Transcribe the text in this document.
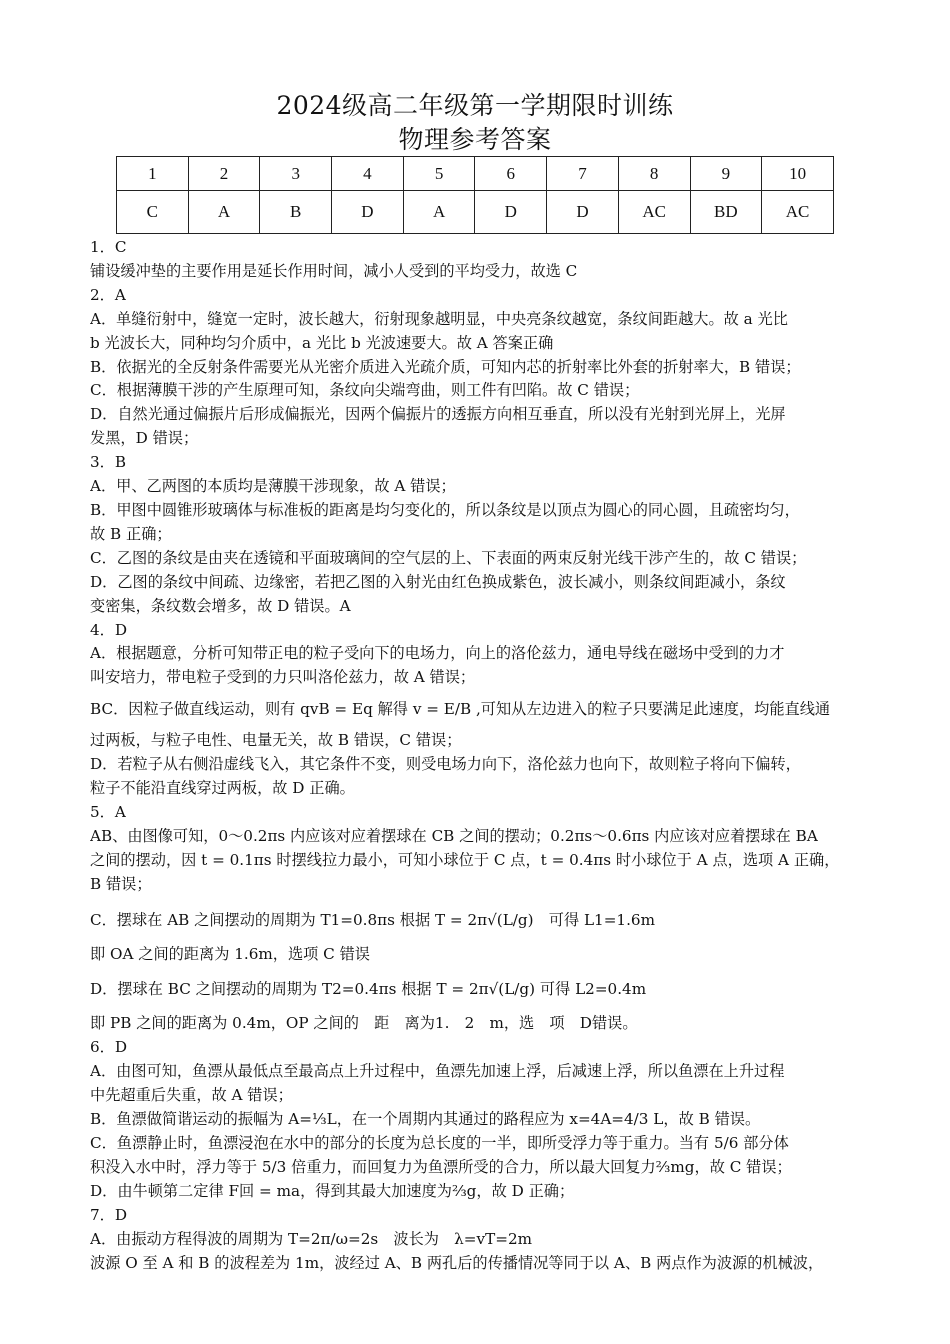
2024级高二年级第一学期限时训练
物理参考答案
1	2	3	4	5	6	7	8	9	10
C	A	B	D	A	D	D	AC	BD	AC
1．C
铺设缓冲垫的主要作用是延长作用时间，减小人受到的平均受力，故选 C
2．A
A．单缝衍射中，缝宽一定时，波长越大，衍射现象越明显，中央亮条纹越宽，条纹间距越大。故 a 光比
b 光波长大，同种均匀介质中，a 光比 b 光波速要大。故 A 答案正确
B．依据光的全反射条件需要光从光密介质进入光疏介质，可知内芯的折射率比外套的折射率大，B 错误；
C．根据薄膜干涉的产生原理可知，条纹向尖端弯曲，则工件有凹陷。故 C 错误；
D．自然光通过偏振片后形成偏振光，因两个偏振片的透振方向相互垂直，所以没有光射到光屏上，光屏
发黑，D 错误；
3．B
A．甲、乙两图的本质均是薄膜干涉现象，故 A 错误；
B．甲图中圆锥形玻璃体与标准板的距离是均匀变化的，所以条纹是以顶点为圆心的同心圆，且疏密均匀，
故 B 正确；
C．乙图的条纹是由夹在透镜和平面玻璃间的空气层的上、下表面的两束反射光线干涉产生的，故 C 错误；
D．乙图的条纹中间疏、边缘密，若把乙图的入射光由红色换成紫色，波长减小，则条纹间距减小，条纹
变密集，条纹数会增多，故 D 错误。A
4．D
A．根据题意，分析可知带正电的粒子受向下的电场力，向上的洛伦兹力，通电导线在磁场中受到的力才
叫安培力，带电粒子受到的力只叫洛伦兹力，故 A 错误；
BC．因粒子做直线运动，则有 qvB = Eq 解得 v = E/B ,可知从左边进入的粒子只要满足此速度，均能直线通
过两板，与粒子电性、电量无关，故 B 错误，C 错误；
D．若粒子从右侧沿虚线飞入，其它条件不变，则受电场力向下，洛伦兹力也向下，故则粒子将向下偏转，
粒子不能沿直线穿过两板，故 D 正确。
5．A
AB、由图像可知，0～0.2πs 内应该对应着摆球在 CB 之间的摆动；0.2πs～0.6πs 内应该对应着摆球在 BA
之间的摆动，因 t = 0.1πs 时摆线拉力最小，可知小球位于 C 点，t = 0.4πs 时小球位于 A 点，选项 A 正确，
B 错误；
C．摆球在 AB 之间摆动的周期为 T1=0.8πs 根据 T = 2π√(L/g)　可得 L1=1.6m
即 OA 之间的距离为 1.6m，选项 C 错误
D．摆球在 BC 之间摆动的周期为 T2=0.4πs 根据 T = 2π√(L/g) 可得 L2=0.4m
即 PB 之间的距离为 0.4m，OP 之间的　距　离为1.　2　m，选　项　D错误。
6．D
A．由图可知，鱼漂从最低点至最高点上升过程中，鱼漂先加速上浮，后减速上浮，所以鱼漂在上升过程
中先超重后失重，故 A 错误；
B．鱼漂做简谐运动的振幅为 A=⅓L，在一个周期内其通过的路程应为 x=4A=4/3 L，故 B 错误。
C．鱼漂静止时，鱼漂浸泡在水中的部分的长度为总长度的一半，即所受浮力等于重力。当有 5/6 部分体
积没入水中时，浮力等于 5/3 倍重力，而回复力为鱼漂所受的合力，所以最大回复力⅔mg，故 C 错误；
D．由牛顿第二定律 F回 = ma，得到其最大加速度为⅔g，故 D 正确；
7．D
A．由振动方程得波的周期为 T=2π/ω=2s　波长为　λ=vT=2m
波源 O 至 A 和 B 的波程差为 1m，波经过 A、B 两孔后的传播情况等同于以 A、B 两点作为波源的机械波，
